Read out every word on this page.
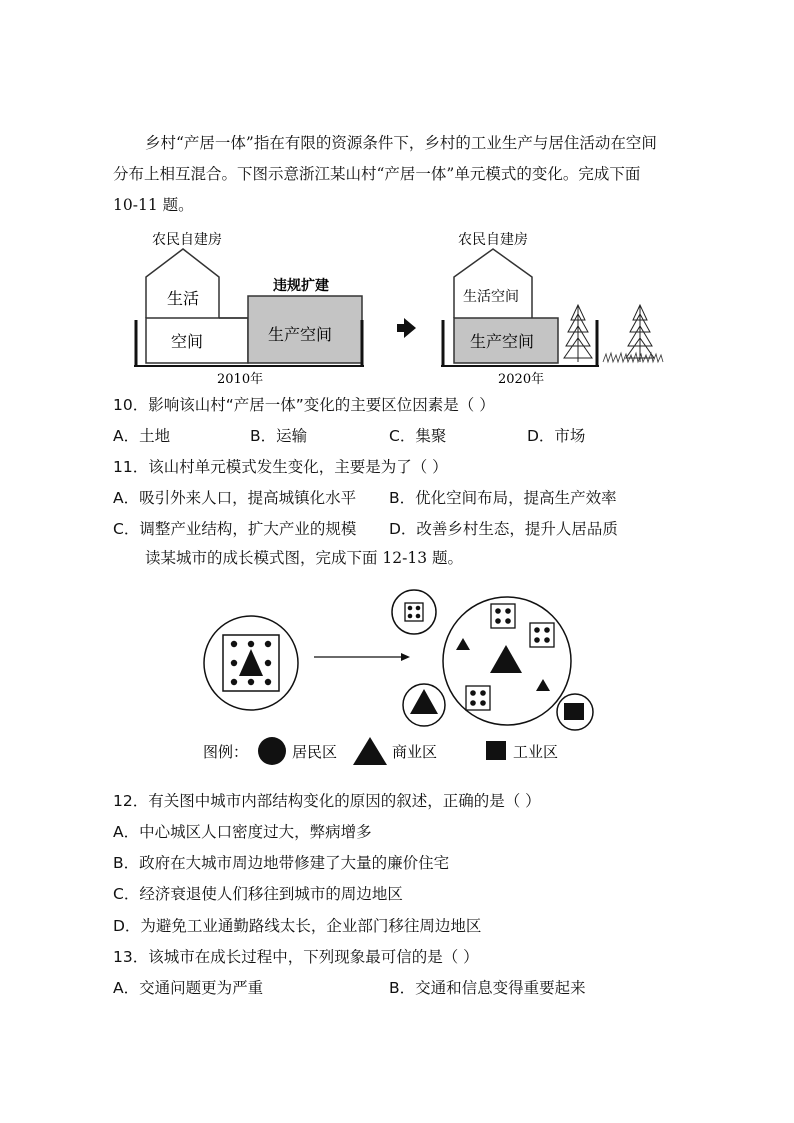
乡村“产居一体”指在有限的资源条件下，乡村的工业生产与居住活动在空间
分布上相互混合。下图示意浙江某山村“产居一体”单元模式的变化。完成下面
10-11 题。
农民自建房
生活
空间
违规扩建
生产空间
2010年
农民自建房
生活空间
生产空间
2020年
10．影响该山村“产居一体”变化的主要区位因素是（ ）
A．土地	B．运输	C．集聚	D．市场
11．该山村单元模式发生变化，主要是为了（ ）
A．吸引外来人口，提高城镇化水平 B．优化空间布局，提高生产效率
C．调整产业结构，扩大产业的规模 D．改善乡村生态，提升人居品质
读某城市的成长模式图，完成下面 12-13 题。
图例：	居民区	商业区	工业区
12．有关图中城市内部结构变化的原因的叙述，正确的是（ ）
A．中心城区人口密度过大，弊病增多
B．政府在大城市周边地带修建了大量的廉价住宅
C．经济衰退使人们移往到城市的周边地区
D．为避免工业通勤路线太长，企业部门移往周边地区
13．该城市在成长过程中，下列现象最可信的是（ ）
A．交通问题更为严重	B．交通和信息变得重要起来
